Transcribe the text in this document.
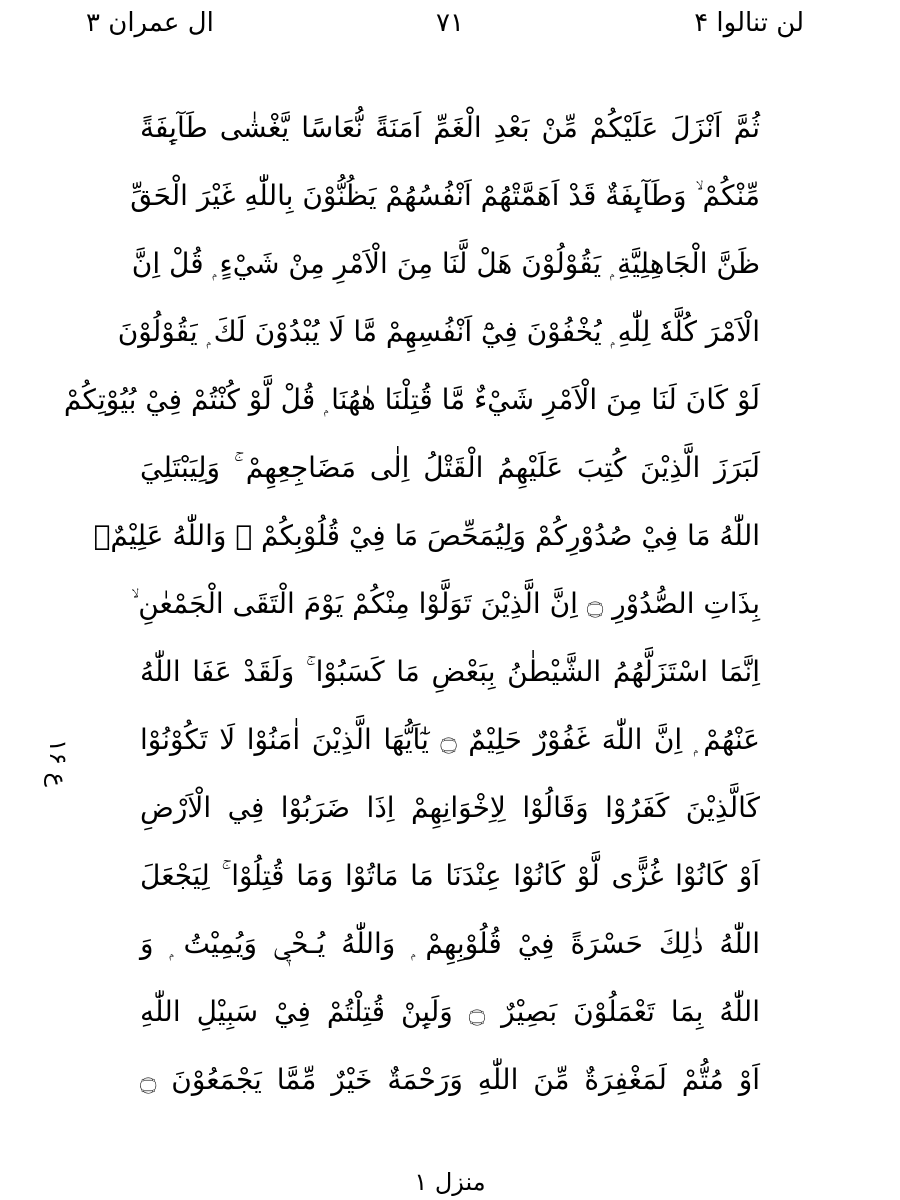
لن تنالوا ۴
۷۱
ال عمران ۳
ثُمَّ اَنْزَلَ عَلَيْكُمْ مِّنْ بَعْدِ الْغَمِّ اَمَنَةً نُّعَاسًا يَّغْشٰى طَآىِٕفَةً
مِّنْكُمْ ۙ وَطَآىِٕفَةٌ قَدْ اَهَمَّتْهُمْ اَنْفُسُهُمْ يَظُنُّوْنَ بِاللّٰهِ غَيْرَ الْحَقِّ
ظَنَّ الْجَاهِلِيَّةِ ۭ يَقُوْلُوْنَ هَلْ لَّنَا مِنَ الْاَمْرِ مِنْ شَيْءٍ ۭ قُلْ اِنَّ
الْاَمْرَ كُلَّهٗ لِلّٰهِ ۭ يُخْفُوْنَ فِيْٓ اَنْفُسِهِمْ مَّا لَا يُبْدُوْنَ لَكَ ۭ يَقُوْلُوْنَ
لَوْ كَانَ لَنَا مِنَ الْاَمْرِ شَيْءٌ مَّا قُتِلْنَا هٰهُنَا ۭ قُلْ لَّوْ كُنْتُمْ فِيْ بُيُوْتِكُمْ
لَبَرَزَ الَّذِيْنَ كُتِبَ عَلَيْهِمُ الْقَتْلُ اِلٰى مَضَاجِعِهِمْ ۚ وَلِيَبْتَلِيَ
اللّٰهُ مَا فِيْ صُدُوْرِكُمْ وَلِيُمَحِّصَ مَا فِيْ قُلُوْبِكُمْ ۭ وَاللّٰهُ عَلِيْمٌۢ
بِذَاتِ الصُّدُوْرِ ۝ اِنَّ الَّذِيْنَ تَوَلَّوْا مِنْكُمْ يَوْمَ الْتَقَى الْجَمْعٰنِ ۙ
اِنَّمَا اسْتَزَلَّهُمُ الشَّيْطٰنُ بِبَعْضِ مَا كَسَبُوْا ۚ وَلَقَدْ عَفَا اللّٰهُ
عَنْهُمْ ۭ اِنَّ اللّٰهَ غَفُوْرٌ حَلِيْمٌ ۝ يٰٓاَيُّھَا الَّذِيْنَ اٰمَنُوْا لَا تَكُوْنُوْا
كَالَّذِيْنَ كَفَرُوْا وَقَالُوْا لِاِخْوَانِهِمْ اِذَا ضَرَبُوْا فِي الْاَرْضِ
اَوْ كَانُوْا غُزًّى لَّوْ كَانُوْا عِنْدَنَا مَا مَاتُوْا وَمَا قُتِلُوْا ۚ لِيَجْعَلَ
اللّٰهُ ذٰلِكَ حَسْرَةً فِيْ قُلُوْبِهِمْ ۭ وَاللّٰهُ يُـحْيٖ وَيُمِيْتُ ۭ وَ
اللّٰهُ بِمَا تَعْمَلُوْنَ بَصِيْرٌ ۝ وَلَىِٕنْ قُتِلْتُمْ فِيْ سَبِيْلِ اللّٰهِ
اَوْ مُتُّمْ لَمَغْفِرَةٌ مِّنَ اللّٰهِ وَرَحْمَةٌ خَيْرٌ مِّمَّا يَجْمَعُوْنَ ۝
ع ۱۶
منزل ۱
